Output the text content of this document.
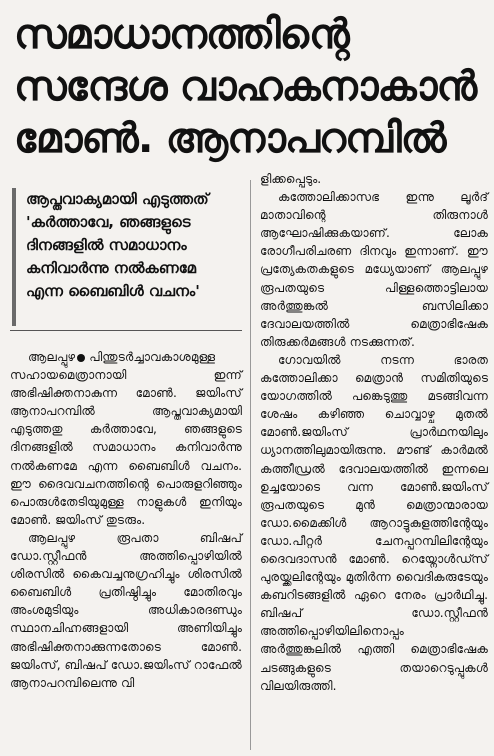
സമാധാനത്തിന്റെ
സന്ദേശ വാഹകനാകാൻ
മോൺ. ആനാപറമ്പിൽ
ആപ്തവാക്യമായി എടുത്തത് 'കർത്താവേ, ഞങ്ങളുടെ ദിനങ്ങളിൽ സമാധാനം കനിവാർന്നു നൽകണമേ എന്ന ബൈബിൾ വചനം'

ആലപ്പുഴ പിന്തുടർച്ചാവകാശമുള്ള സഹായമെത്രാനായി ഇന്ന് അഭിഷിക്തനാകുന്ന മോൺ. ജയിംസ് ആനാപറമ്പിൽ ആപ്തവാക്യമായി എടുത്തതു കർത്താവേ, ഞങ്ങളുടെ ദിനങ്ങളിൽ സമാധാനം കനിവാർന്നു നൽകണമേ എന്ന ബൈബിൾ വചനം. ഈ ദൈവവചനത്തിന്റെ പൊരുളറിഞ്ഞും പൊരുൾതേടിയുമുള്ള നാളുകൾ ഇനിയും മോൺ. ജയിംസ് തുടരും.

ആലപ്പുഴ രൂപതാ ബിഷപ് ഡോ.സ്റ്റീഫൻ അത്തിപ്പൊഴിയിൽ ശിരസിൽ കൈവച്ചനുഗ്രഹിച്ചും ശിരസിൽ ബൈബിൾ പ്രതിഷ്ഠിച്ചും മോതിരവും അംശമുടിയും അധികാരദണ്ഡും സ്ഥാനചിഹ്നങ്ങളായി അണിയിച്ചും അഭിഷിക്തനാക്കുന്നതോടെ മോൺ. ജയിംസ്, ബിഷപ് ഡോ.ജയിംസ് റാഫേൽ ആനാപറമ്പിലെന്നു വി

ളിക്കപ്പെടും.

കത്തോലിക്കാസഭ ഇന്നു ലൂർദ് മാതാവിന്റെ തിരുനാൾ ആഘോഷിക്കുകയാണ്. ലോക രോഗീപരിചരണ ദിനവും ഇന്നാണ്. ഈ പ്രത്യേകതകളുടെ മധ്യേയാണ് ആലപ്പുഴ രൂപതയുടെ പിള്ളത്തൊട്ടിലായ അർത്തുങ്കൽ ബസിലിക്കാ ദേവാലയത്തിൽ മെത്രാഭിഷേക തിരുക്കർമങ്ങൾ നടക്കുന്നത്.

ഗോവയിൽ നടന്ന ഭാരത കത്തോലിക്കാ മെത്രാൻ സമിതിയുടെ യോഗത്തിൽ പങ്കെടുത്തു മടങ്ങിവന്ന ശേഷം കഴിഞ്ഞ ചൊവ്വാഴ്ച മുതൽ മോൺ.ജയിംസ് പ്രാർഥനയിലും ധ്യാനത്തിലുമായിരുന്നു. മൗണ്ട് കാർമൽ കത്തീഡ്രൽ ദേവാലയത്തിൽ ഇന്നലെ ഉച്ചയോടെ വന്ന മോൺ.ജയിംസ് രൂപതയുടെ മുൻ മെത്രാന്മാരായ ഡോ.മൈക്കിൾ ആറാട്ടുകുളത്തിന്റേയും ഡോ.പീറ്റർ ചേനപ്പറമ്പിലിന്റേയും ദൈവദാസൻ മോൺ. റെയ്നോൾഡ്സ് പുരയ്ക്കലിന്റേയും മുതിർന്ന വൈദികരുടേയും കബറിടങ്ങളിൽ ഏറെ നേരം പ്രാർഥിച്ചു. ബിഷപ് ഡോ.സ്റ്റീഫൻ അത്തിപ്പൊഴിയിലിനൊപ്പം അർത്തുങ്കലിൽ എത്തി മെത്രാഭിഷേക ചടങ്ങുകളുടെ തയാറെടുപ്പുകൾ വിലയിരുത്തി.
